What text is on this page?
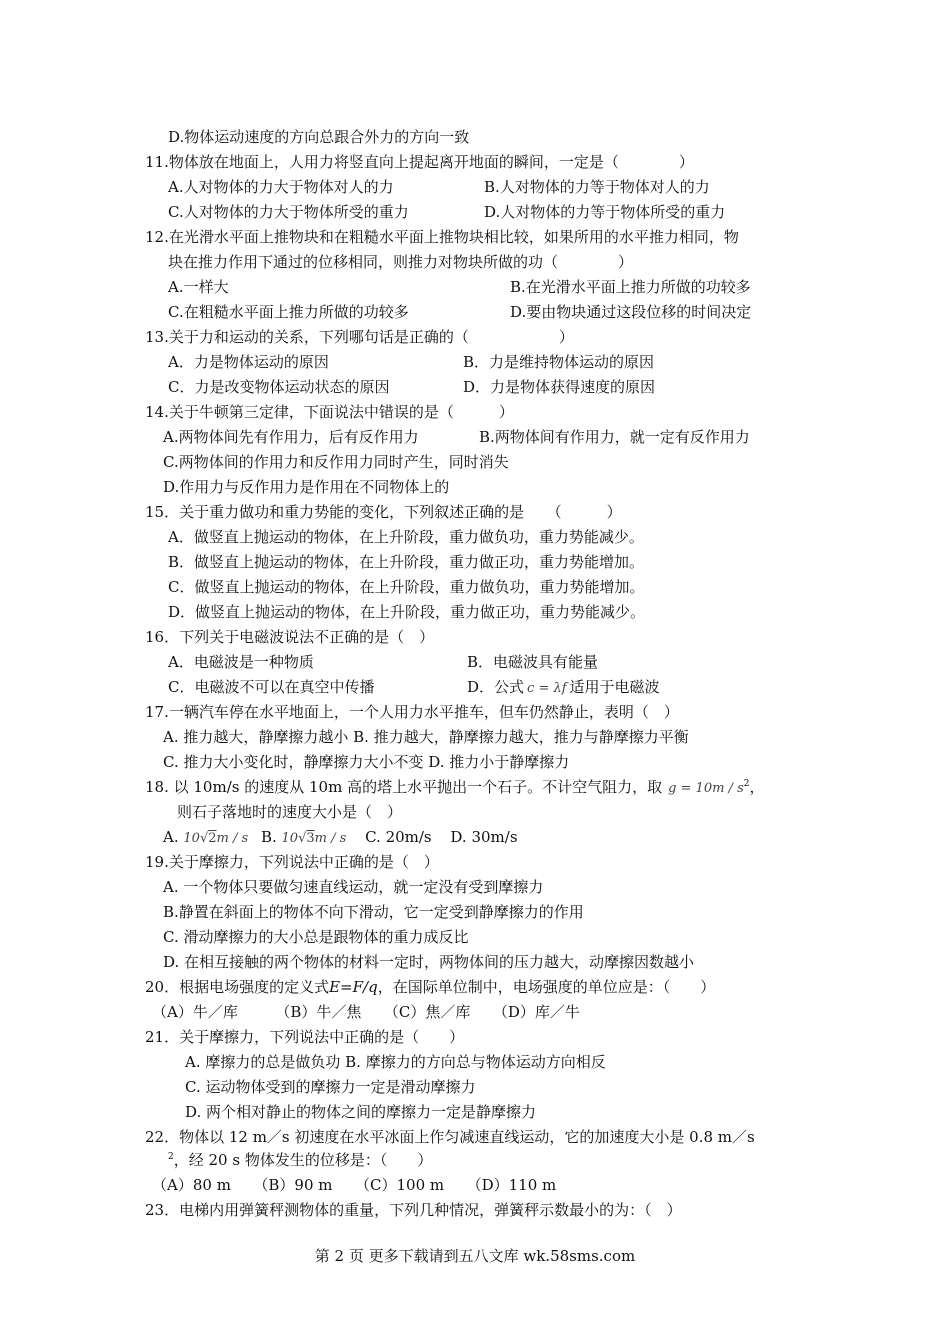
D.物体运动速度的方向总跟合外力的方向一致
11.物体放在地面上，人用力将竖直向上提起离开地面的瞬间，一定是（　　　　）
A.人对物体的力大于物体对人的力	B.人对物体的力等于物体对人的力
C.人对物体的力大于物体所受的重力	D.人对物体的力等于物体所受的重力
12.在光滑水平面上推物块和在粗糙水平面上推物块相比较，如果所用的水平推力相同，物
块在推力作用下通过的位移相同，则推力对物块所做的功（　　　　）
A.一样大	B.在光滑水平面上推力所做的功较多
C.在粗糙水平面上推力所做的功较多	D.要由物块通过这段位移的时间决定
13.关于力和运动的关系，下列哪句话是正确的（　　　　　　）
A．力是物体运动的原因	B．力是维持物体运动的原因
C．力是改变物体运动状态的原因	D．力是物体获得速度的原因
14.关于牛顿第三定律，下面说法中错误的是（　　　）
A.两物体间先有作用力，后有反作用力	B.两物体间有作用力，就一定有反作用力
C.两物体间的作用力和反作用力同时产生，同时消失
D.作用力与反作用力是作用在不同物体上的
15．关于重力做功和重力势能的变化，下列叙述正确的是　　（　　　）
A．做竖直上抛运动的物体，在上升阶段，重力做负功，重力势能减少。
B．做竖直上抛运动的物体，在上升阶段，重力做正功，重力势能增加。
C．做竖直上抛运动的物体，在上升阶段，重力做负功，重力势能增加。
D．做竖直上抛运动的物体，在上升阶段，重力做正功，重力势能减少。
16．下列关于电磁波说法不正确的是（　）
A．电磁波是一种物质	B．电磁波具有能量
C．电磁波不可以在真空中传播	D．公式 c = λf 适用于电磁波
17.一辆汽车停在水平地面上，一个人用力水平推车，但车仍然静止，表明（　）
A. 推力越大，静摩擦力越小 B. 推力越大，静摩擦力越大，推力与静摩擦力平衡
C. 推力大小变化时，静摩擦力大小不变 D. 推力小于静摩擦力
18. 以 10m/s 的速度从 10m 高的塔上水平抛出一个石子。不计空气阻力，取 $g = 10m / s^2$，
则石子落地时的速度大小是（　）
A. 10√2m / s B. 10√3m / s C. 20m/s D. 30m/s
19.关于摩擦力，下列说法中正确的是（　）
A. 一个物体只要做匀速直线运动，就一定没有受到摩擦力
B.静置在斜面上的物体不向下滑动，它一定受到静摩擦力的作用
C. 滑动摩擦力的大小总是跟物体的重力成反比
D. 在相互接触的两个物体的材料一定时，两物体间的压力越大，动摩擦因数越小
20．根据电场强度的定义式E=F/q，在国际单位制中，电场强度的单位应是：（　　）
（A）牛／库　　　（B）牛／焦　　（C）焦／库　　（D）库／牛
21．关于摩擦力，下列说法中正确的是（　　）
A. 摩擦力的总是做负功 B. 摩擦力的方向总与物体运动方向相反
C. 运动物体受到的摩擦力一定是滑动摩擦力
D. 两个相对静止的物体之间的摩擦力一定是静摩擦力
22．物体以 12 m／s 初速度在水平冰面上作匀减速直线运动，它的加速度大小是 0.8 m／s
$^2$，经 20 s 物体发生的位移是：（　　）
（A）80 m　　（B）90 m　　（C）100 m　　（D）110 m
23．电梯内用弹簧秤测物体的重量，下列几种情况，弹簧秤示数最小的为：（　）
第 2 页 更多下载请到五八文库 wk.58sms.com
